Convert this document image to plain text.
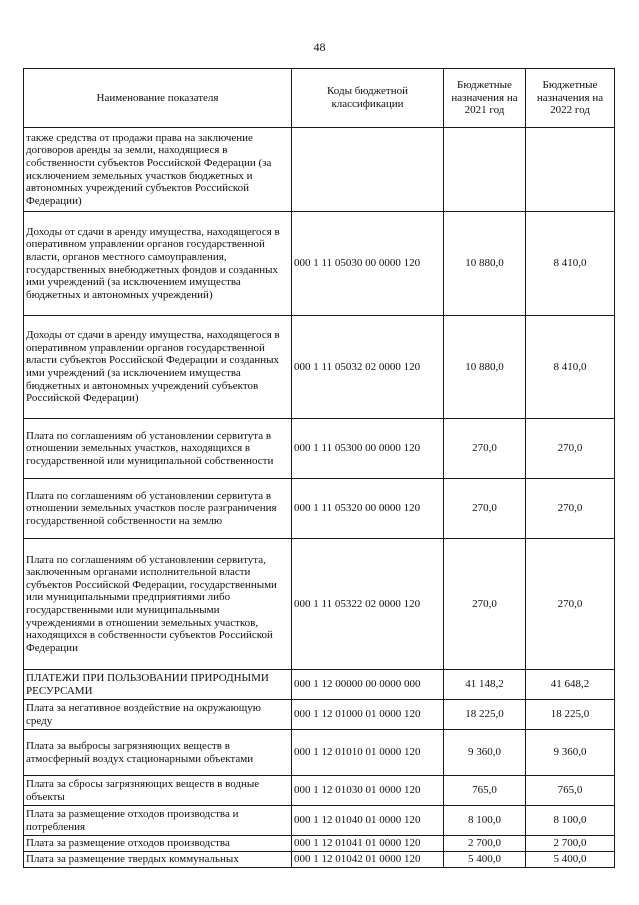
48
Наименование показателя	Коды бюджетной классификации	Бюджетные назначения на 2021 год	Бюджетные назначения на 2022 год
также средства от продажи права на заключение договоров аренды за земли, находящиеся в собственности субъектов Российской Федерации (за исключением земельных участков бюджетных и автономных учреждений субъектов Российской Федерации)			
Доходы от сдачи в аренду имущества, находящегося в оперативном управлении органов государственной власти, органов местного самоуправления, государственных внебюджетных фондов и созданных ими учреждений (за исключением имущества бюджетных и автономных учреждений)	000 1 11 05030 00 0000 120	10 880,0	8 410,0
Доходы от сдачи в аренду имущества, находящегося в оперативном управлении органов государственной власти субъектов Российской Федерации и созданных ими учреждений (за исключением имущества бюджетных и автономных учреждений субъектов Российской Федерации)	000 1 11 05032 02 0000 120	10 880,0	8 410,0
Плата по соглашениям об установлении сервитута в отношении земельных участков, находящихся в государственной или муниципальной собственности	000 1 11 05300 00 0000 120	270,0	270,0
Плата по соглашениям об установлении сервитута в отношении земельных участков после разграничения государственной собственности на землю	000 1 11 05320 00 0000 120	270,0	270,0
Плата по соглашениям об установлении сервитута, заключенным органами исполнительной власти субъектов Российской Федерации, государственными или муниципальными предприятиями либо государственными или муниципальными учреждениями в отношении земельных участков, находящихся в собственности субъектов Российской Федерации	000 1 11 05322 02 0000 120	270,0	270,0
ПЛАТЕЖИ ПРИ ПОЛЬЗОВАНИИ ПРИРОДНЫМИ РЕСУРСАМИ	000 1 12 00000 00 0000 000	41 148,2	41 648,2
Плата за негативное воздействие на окружающую среду	000 1 12 01000 01 0000 120	18 225,0	18 225,0
Плата за выбросы загрязняющих веществ в атмосферный воздух стационарными объектами	000 1 12 01010 01 0000 120	9 360,0	9 360,0
Плата за сбросы загрязняющих веществ в водные объекты	000 1 12 01030 01 0000 120	765,0	765,0
Плата за размещение отходов производства и потребления	000 1 12 01040 01 0000 120	8 100,0	8 100,0
Плата за размещение отходов производства	000 1 12 01041 01 0000 120	2 700,0	2 700,0
Плата за размещение твердых коммунальных	000 1 12 01042 01 0000 120	5 400,0	5 400,0
